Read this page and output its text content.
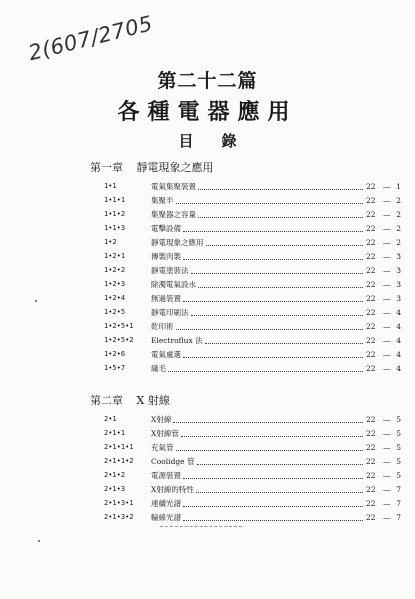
2(607/2705
第二十二篇
各種電器應用
目錄
第一章 靜電現象之應用
1•1	電氣集聚裝置	22 — 1
1•1•1	集聚半	22 — 2
1•1•2	集聚器之容量	22 — 2
1•1•3	電擊設備	22 — 2
1•2	靜電現象之應用	22 — 2
1•2•1	傳製肉製	22 — 3
1•2•2	靜電塗裝法	22 — 3
1•2•3	除濁電氣設水	22 — 3
1•2•4	無過裝置	22 — 3
1•2•5	靜電印刷法	22 — 4
1•2•5•1	乾印術	22 — 4
1•2•5•2	Electroflux 法	22 — 4
1•2•6	電氣處選	22 — 4
1•5•7	織毛	22 — 4
第二章 X 射線
2•1	X射線	22 — 5
2•1•1	X射線管	22 — 5
2•1•1•1	充氣管	22 — 5
2•1•1•2	Coolidge 管	22 — 5
2•1•2	電源裝置	22 — 5
2•1•3	X射線的特性	22 — 7
2•1•3•1	連續光譜	22 — 7
2•1•3•2	輪線光譜	22 — 7
